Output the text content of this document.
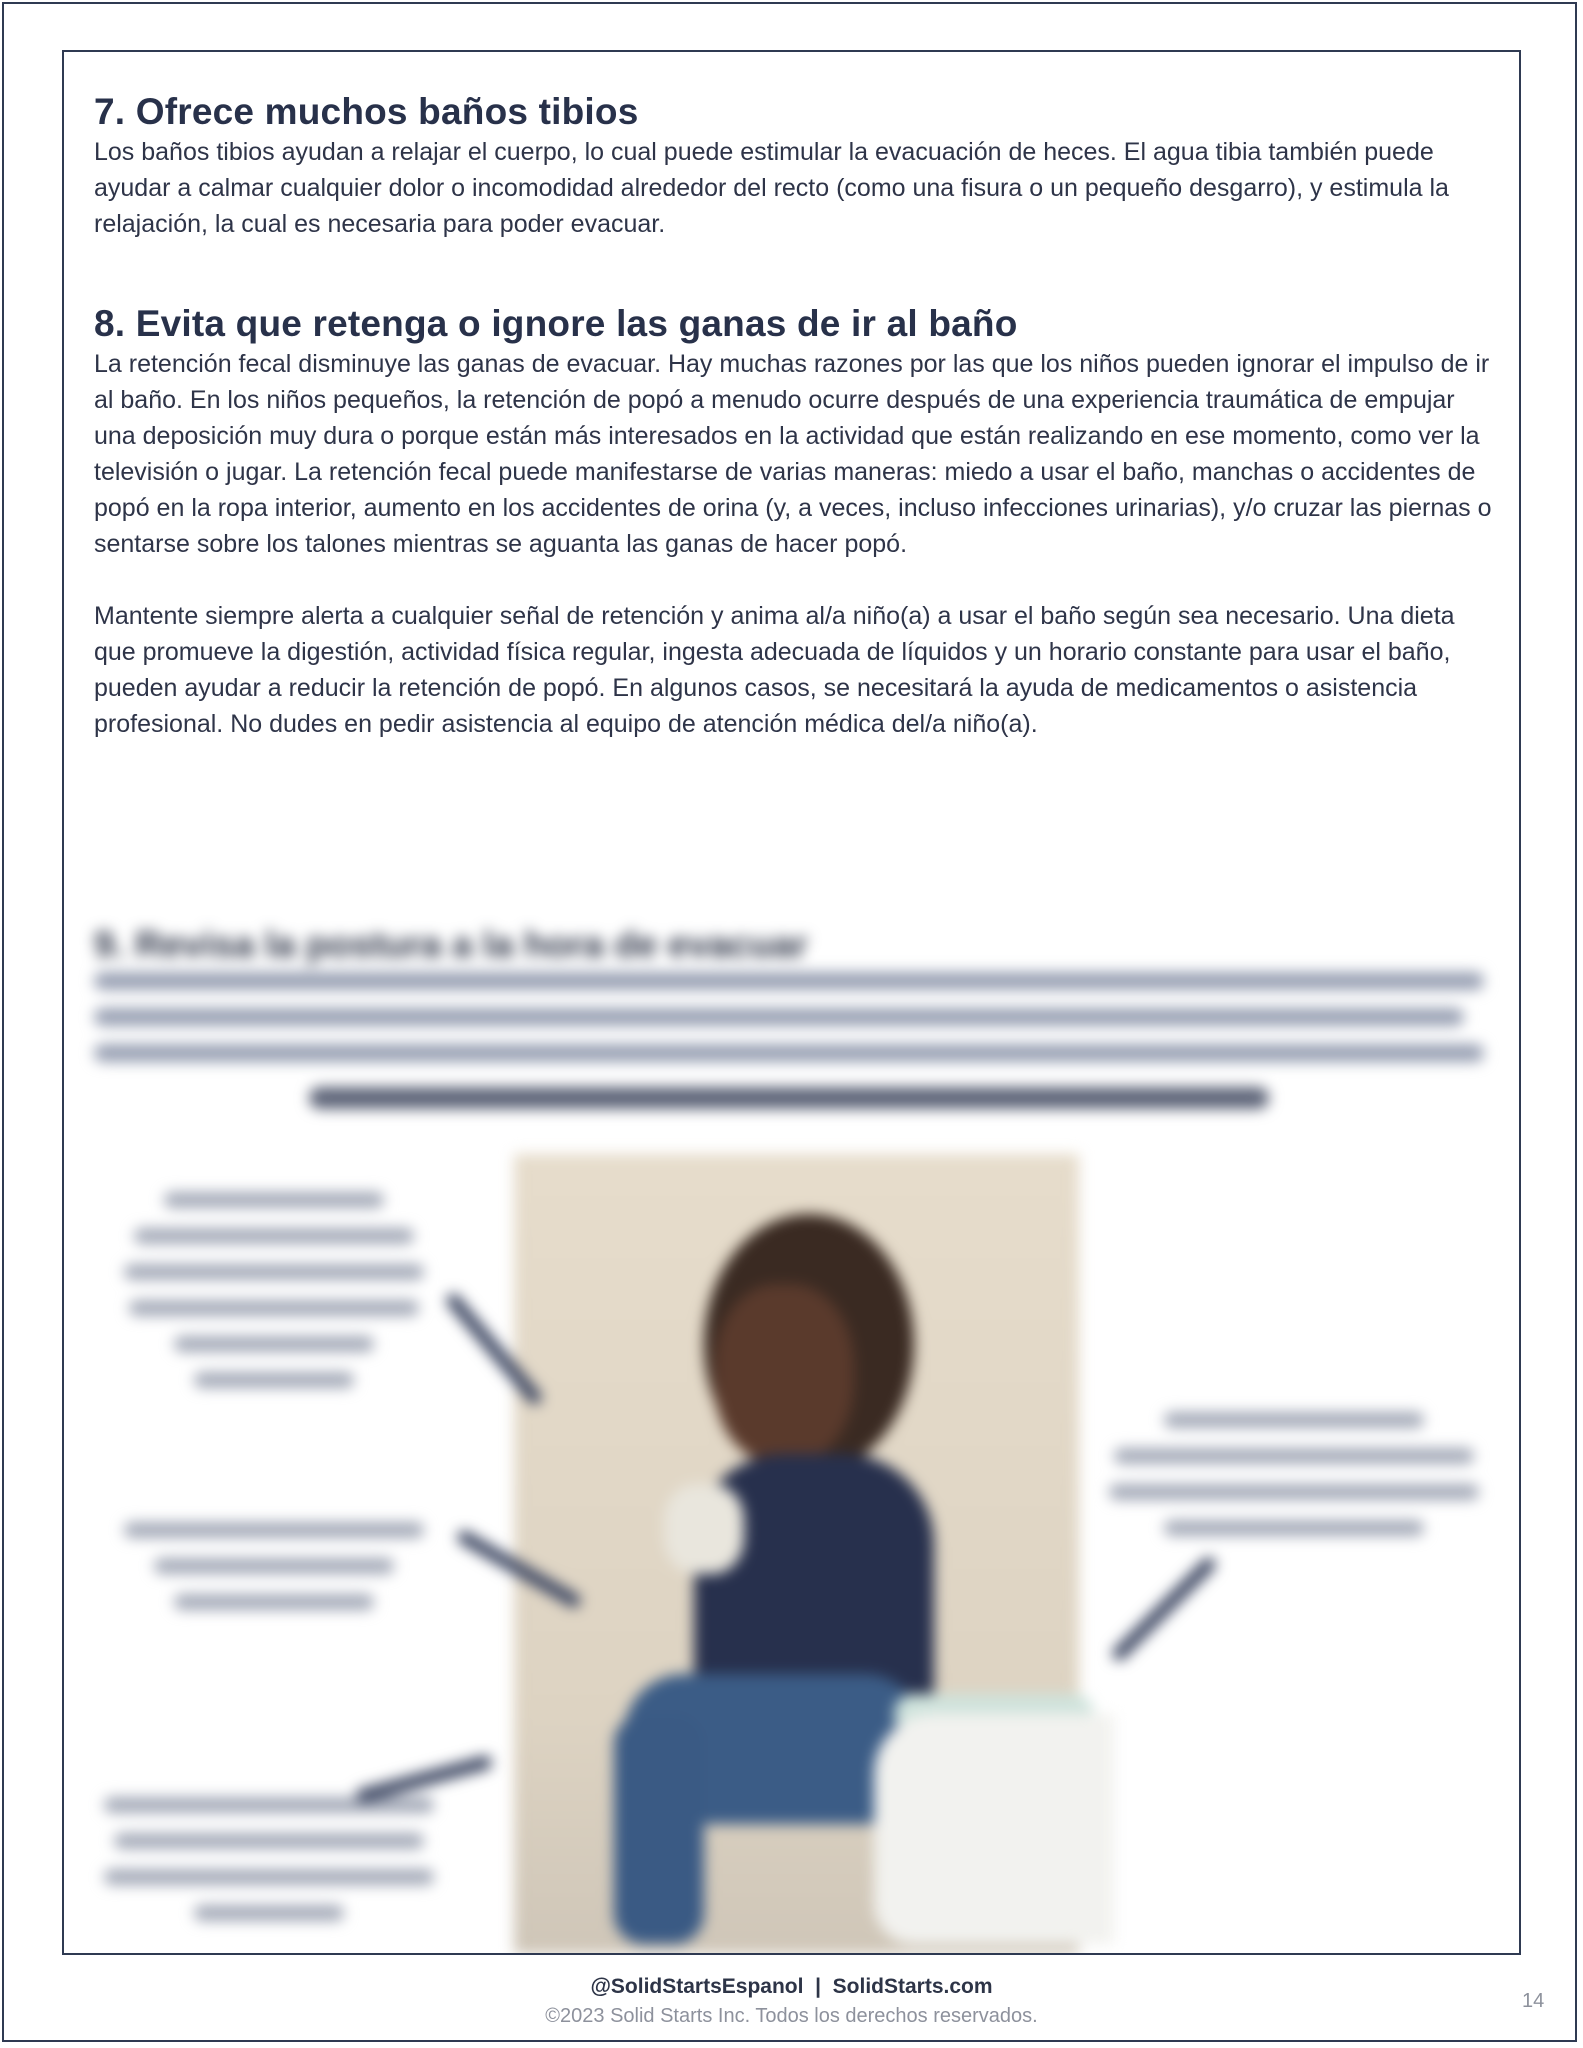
7. Ofrece muchos baños tibios

Los baños tibios ayudan a relajar el cuerpo, lo cual puede estimular la evacuación de heces. El agua tibia también puede ayudar a calmar cualquier dolor o incomodidad alrededor del recto (como una fisura o un pequeño desgarro), y estimula la relajación, la cual es necesaria para poder evacuar.

8. Evita que retenga o ignore las ganas de ir al baño

La retención fecal disminuye las ganas de evacuar. Hay muchas razones por las que los niños pueden ignorar el impulso de ir al baño. En los niños pequeños, la retención de popó a menudo ocurre después de una experiencia traumática de empujar una deposición muy dura o porque están más interesados en la actividad que están realizando en ese momento, como ver la televisión o jugar. La retención fecal puede manifestarse de varias maneras: miedo a usar el baño, manchas o accidentes de popó en la ropa interior, aumento en los accidentes de orina (y, a veces, incluso infecciones urinarias), y/o cruzar las piernas o sentarse sobre los talones mientras se aguanta las ganas de hacer popó.

Mantente siempre alerta a cualquier señal de retención y anima al/a niño(a) a usar el baño según sea necesario. Una dieta que promueve la digestión, actividad física regular, ingesta adecuada de líquidos y un horario constante para usar el baño, pueden ayudar a reducir la retención de popó. En algunos casos, se necesitará la ayuda de medicamentos o asistencia profesional. No dudes en pedir asistencia al equipo de atención médica del/a niño(a).

9. Revisa la postura a la hora de evacuar
@SolidStartsEspanol  |  SolidStarts.com
©2023 Solid Starts Inc. Todos los derechos reservados.
14
